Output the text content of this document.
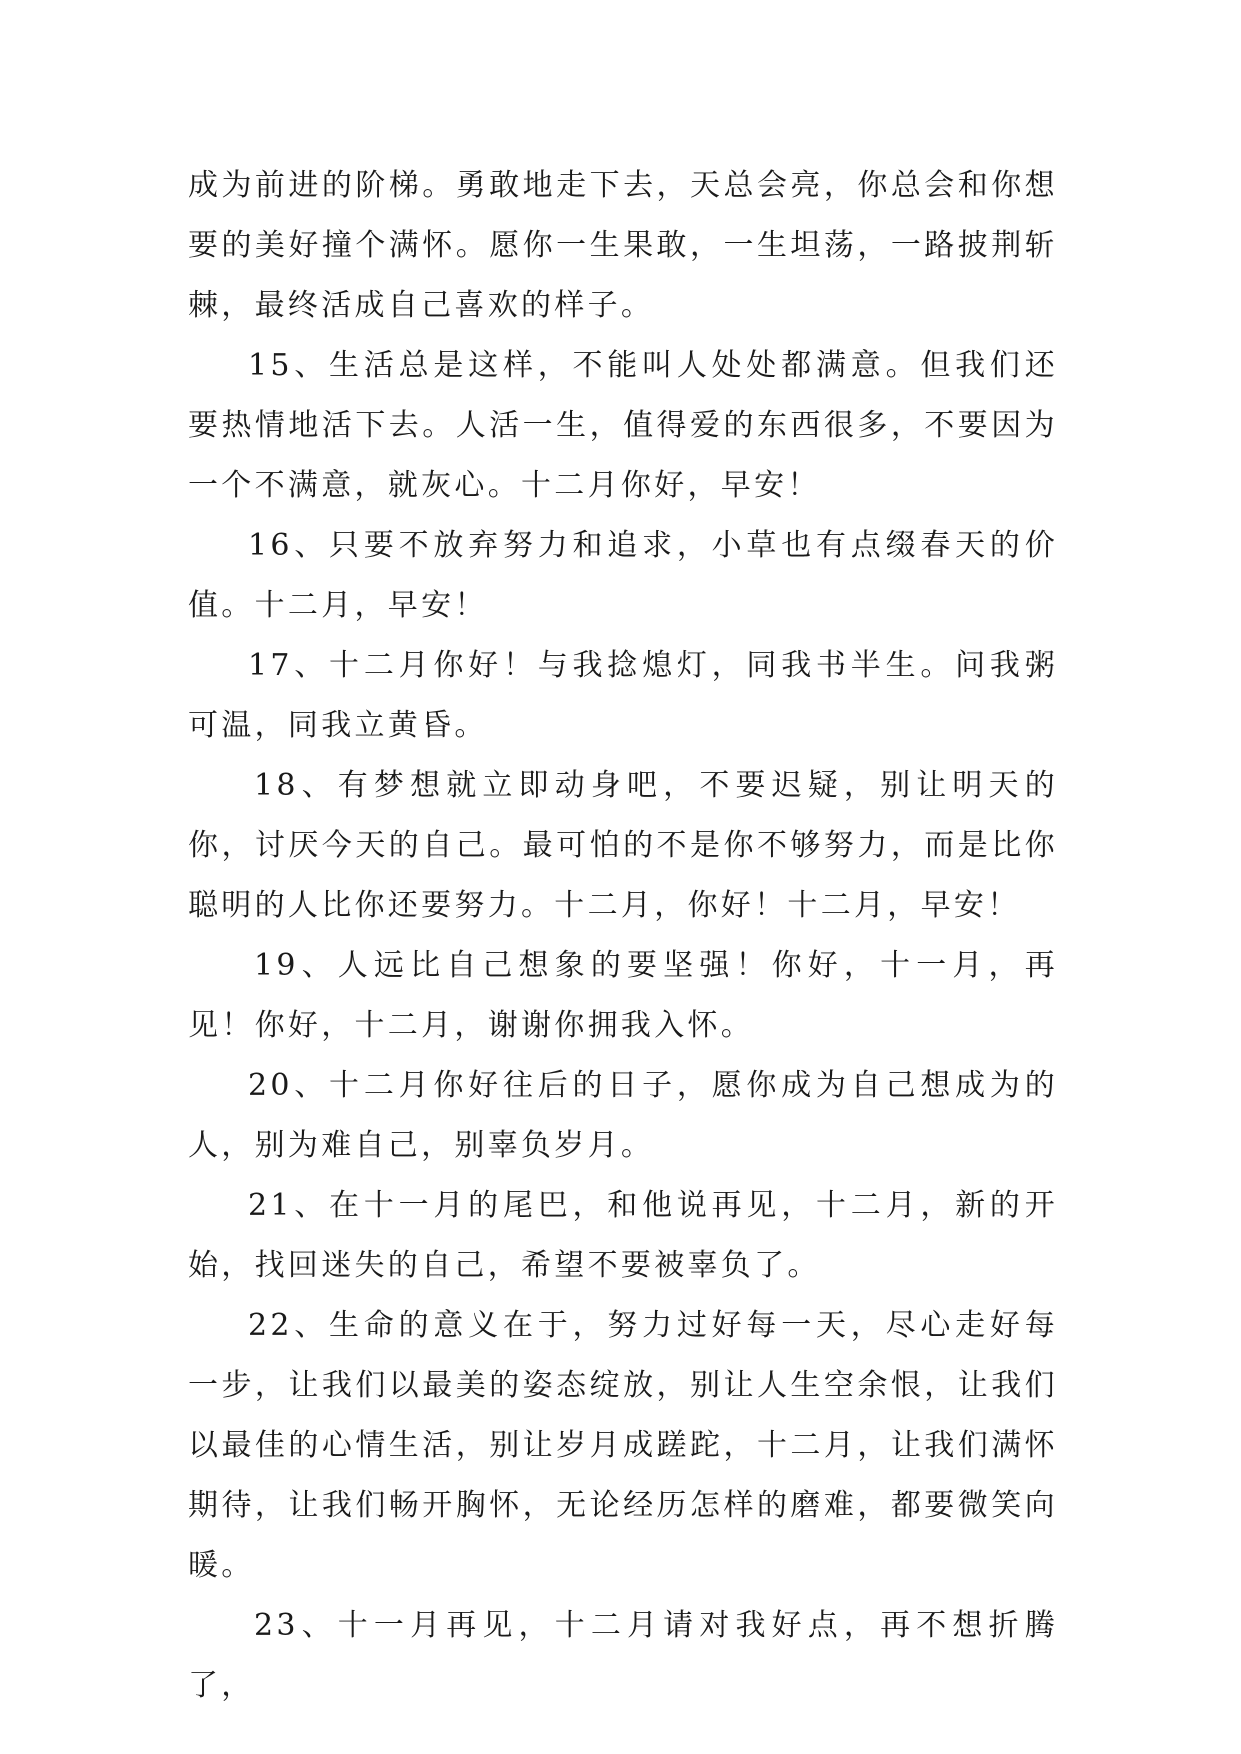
成为前进的阶梯。勇敢地走下去，天总会亮，你总会和你想要的美好撞个满怀。愿你一生果敢，一生坦荡，一路披荆斩棘，最终活成自己喜欢的样子。

15、生活总是这样，不能叫人处处都满意。但我们还要热情地活下去。人活一生，值得爱的东西很多，不要因为一个不满意，就灰心。十二月你好，早安！

16、只要不放弃努力和追求，小草也有点缀春天的价值。十二月，早安！

17、十二月你好！与我捻熄灯，同我书半生。问我粥可温，同我立黄昏。

18、有梦想就立即动身吧，不要迟疑，别让明天的你，讨厌今天的自己。最可怕的不是你不够努力，而是比你聪明的人比你还要努力。十二月，你好！十二月，早安！

19、人远比自己想象的要坚强！你好，十一月，再见！你好，十二月，谢谢你拥我入怀。

20、十二月你好往后的日子，愿你成为自己想成为的人，别为难自己，别辜负岁月。

21、在十一月的尾巴，和他说再见，十二月，新的开始，找回迷失的自己，希望不要被辜负了。

22、生命的意义在于，努力过好每一天，尽心走好每一步，让我们以最美的姿态绽放，别让人生空余恨，让我们以最佳的心情生活，别让岁月成蹉跎，十二月，让我们满怀期待，让我们畅开胸怀，无论经历怎样的磨难，都要微笑向暖。

23、十一月再见，十二月请对我好点，再不想折腾了，
